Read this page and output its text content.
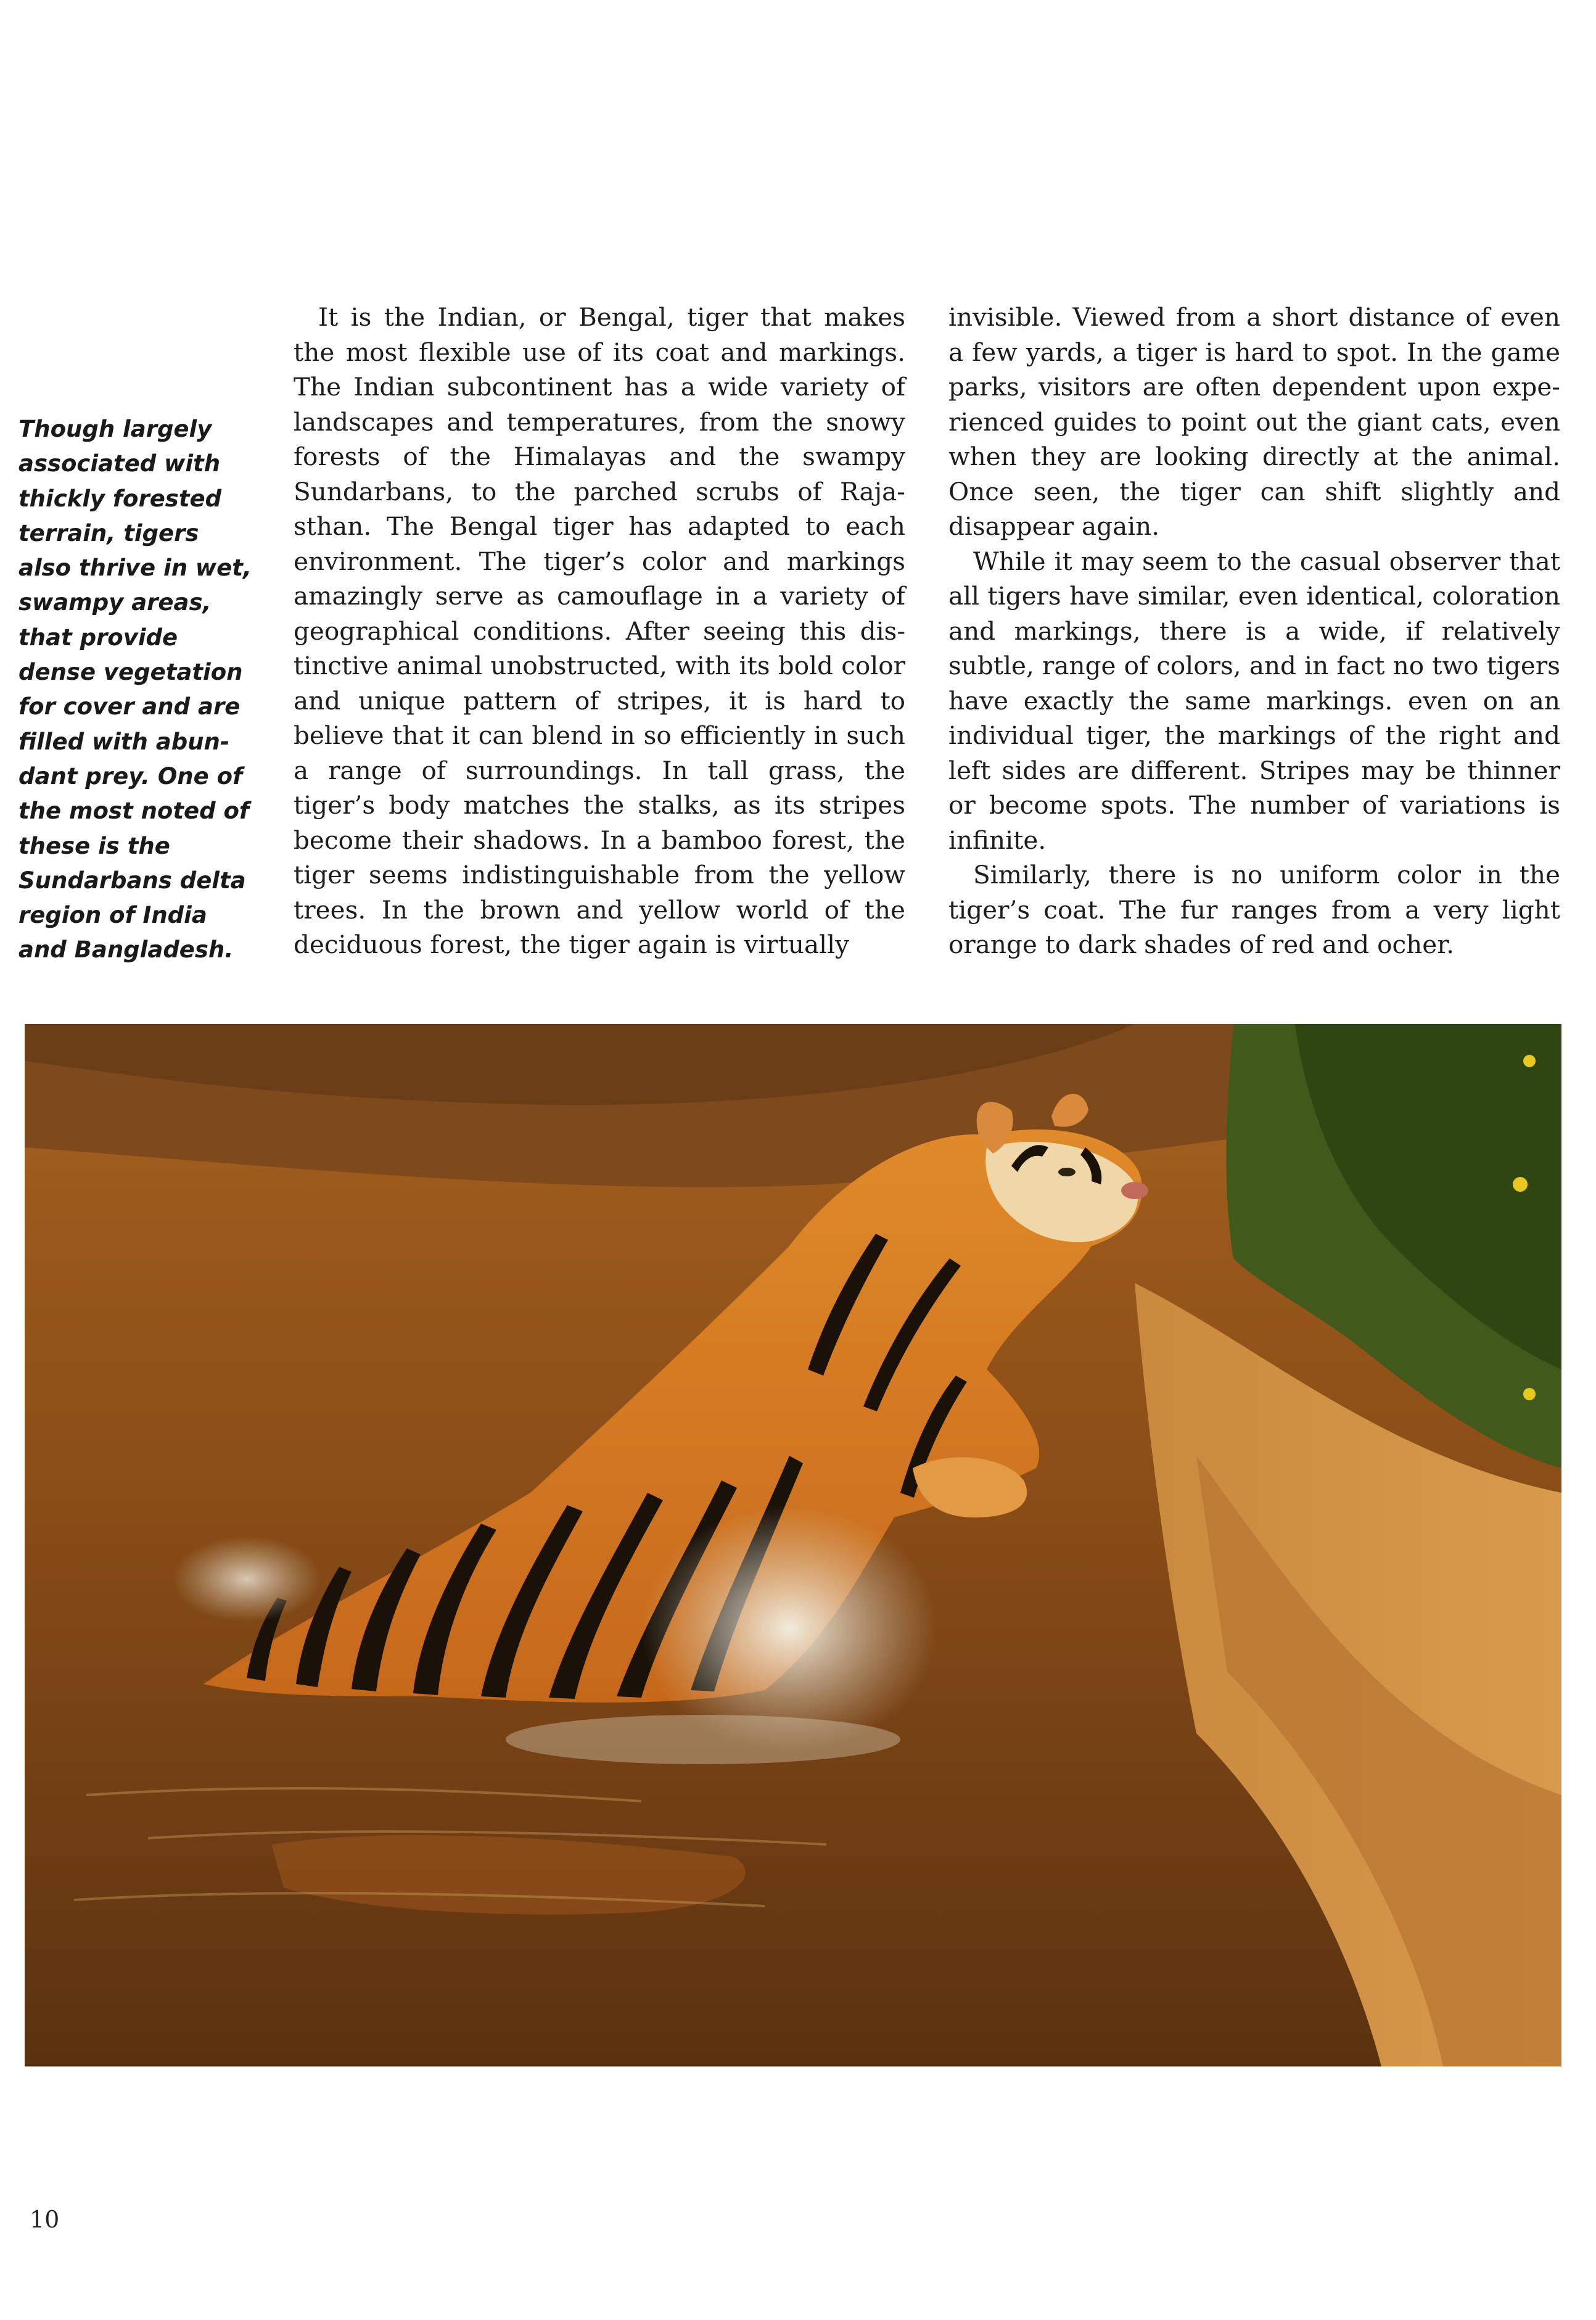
Though largely associated with thickly forested terrain, tigers also thrive in wet, swampy areas, that provide dense vegetation for cover and are filled with abun-dant prey. One of the most noted of these is the Sundarbans delta region of India and Bangladesh.

It is the Indian, or Bengal, tiger that makes the most flexible use of its coat and markings. The Indian subcontinent has a wide variety of landscapes and temperatures, from the snowy forests of the Himalayas and the swampy Sundarbans, to the parched scrubs of Raja-sthan. The Bengal tiger has adapted to each environment. The tiger’s color and markings amazingly serve as camouflage in a variety of geographical conditions. After seeing this dis-tinctive animal unobstructed, with its bold color and unique pattern of stripes, it is hard to believe that it can blend in so efficiently in such a range of surroundings. In tall grass, the tiger’s body matches the stalks, as its stripes become their shadows. In a bamboo forest, the tiger seems indistinguishable from the yellow trees. In the brown and yellow world of the deciduous forest, the tiger again is virtually

invisible. Viewed from a short distance of even a few yards, a tiger is hard to spot. In the game parks, visitors are often dependent upon expe-rienced guides to point out the giant cats, even when they are looking directly at the animal. Once seen, the tiger can shift slightly and disappear again.

While it may seem to the casual observer that all tigers have similar, even identical, coloration and markings, there is a wide, if relatively subtle, range of colors, and in fact no two tigers have exactly the same markings. even on an individual tiger, the markings of the right and left sides are different. Stripes may be thinner or become spots. The number of variations is infinite.

Similarly, there is no uniform color in the tiger’s coat. The fur ranges from a very light orange to dark shades of red and ocher.

10
